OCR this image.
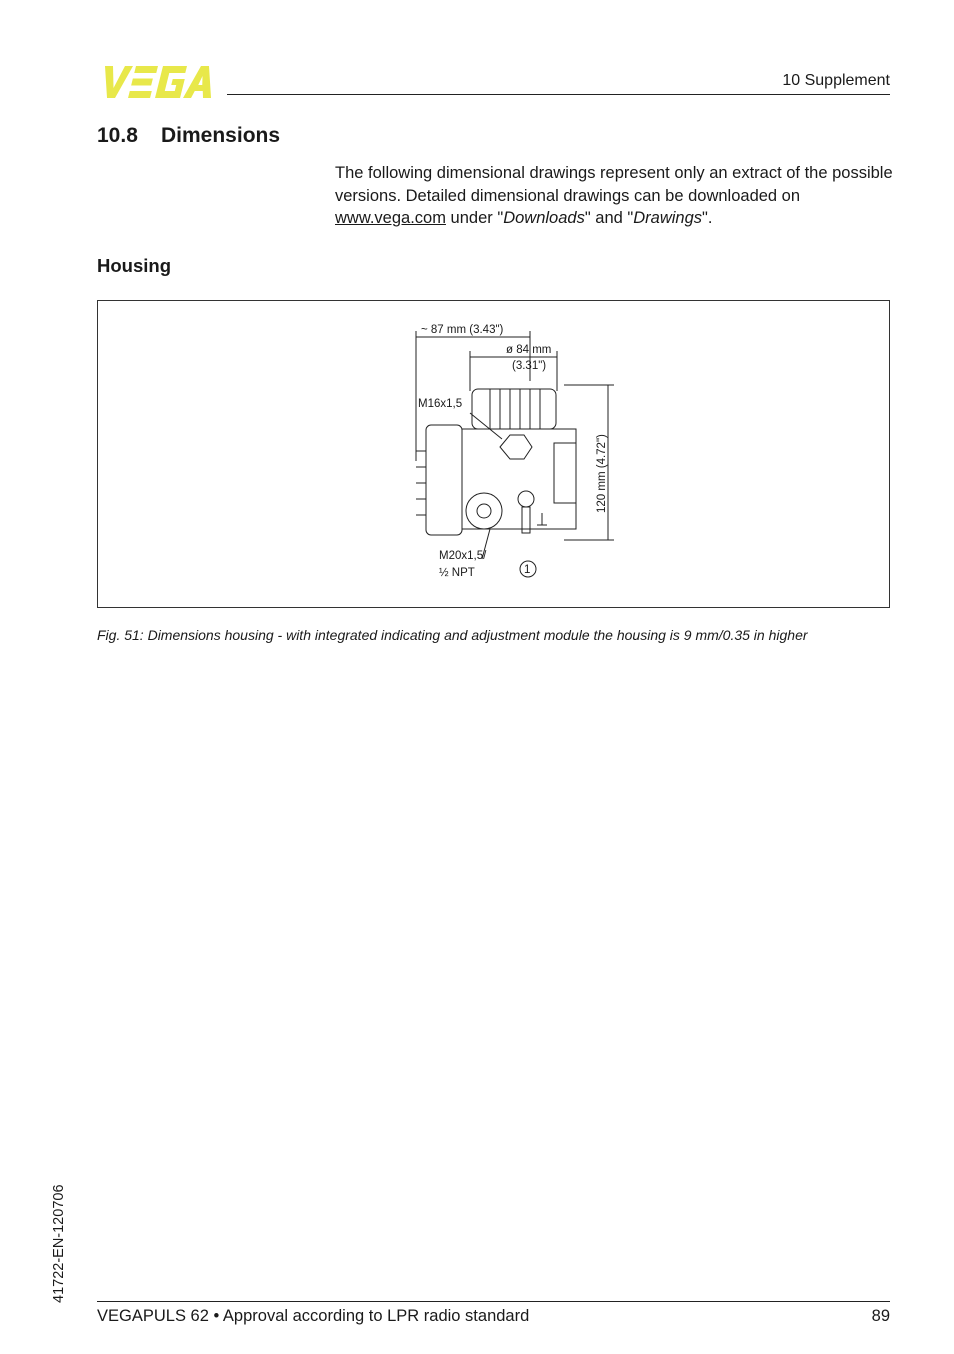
10 Supplement
10.8 Dimensions

The following dimensional drawings represent only an extract of the possible versions. Detailed dimensional drawings can be downloaded on www.vega.com under "Downloads" and "Drawings".

Housing
~ 87 mm (3.43")
ø 84 mm
(3.31")
120 mm (4.72")
M16x1,5
M20x1,5/
½ NPT	1

Fig. 51: Dimensions housing - with integrated indicating and adjustment module the housing is 9 mm/0.35 in higher

41722-EN-120706
VEGAPULS 62 • Approval according to LPR radio standard	89
